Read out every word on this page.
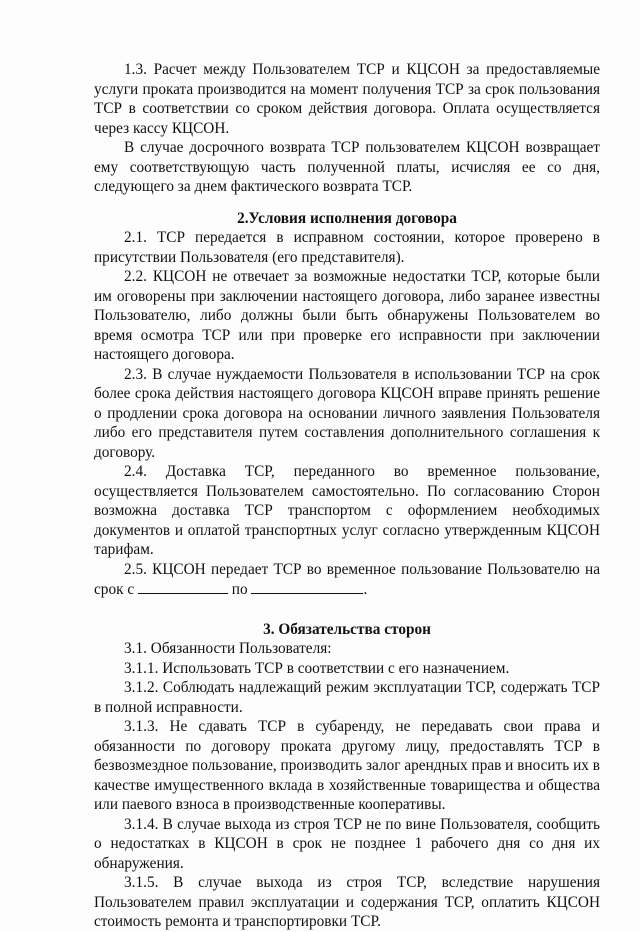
1.3. Расчет между Пользователем ТСР и КЦСОН за предоставляемые услуги проката производится на момент получения ТСР за срок пользования ТСР в соответствии со сроком действия договора. Оплата осуществляется через кассу КЦСОН.

В случае досрочного возврата ТСР пользователем КЦСОН возвращает ему соответствующую часть полученной платы, исчисляя ее со дня, следующего за днем фактического возврата ТСР.

2.Условия исполнения договора

2.1. ТСР передается в исправном состоянии, которое проверено в присутствии Пользователя (его представителя).

2.2. КЦСОН не отвечает за возможные недостатки ТСР, которые были им оговорены при заключении настоящего договора, либо заранее известны Пользователю, либо должны были быть обнаружены Пользователем во время осмотра ТСР или при проверке его исправности при заключении настоящего договора.

2.3. В случае нуждаемости Пользователя в использовании ТСР на срок более срока действия настоящего договора КЦСОН вправе принять решение о продлении срока договора на основании личного заявления Пользователя либо его представителя путем составления дополнительного соглашения к договору.

2.4. Доставка ТСР, переданного во временное пользование, осуществляется Пользователем самостоятельно. По согласованию Сторон возможна доставка ТСР транспортом с оформлением необходимых документов и оплатой транспортных услуг согласно утвержденным КЦСОН тарифам.

2.5. КЦСОН передает ТСР во временное пользование Пользователю на срок с	по	.

3. Обязательства сторон

3.1. Обязанности Пользователя:

3.1.1. Использовать ТСР в соответствии с его назначением.

3.1.2. Соблюдать надлежащий режим эксплуатации ТСР, содержать ТСР в полной исправности.

3.1.3. Не сдавать ТСР в субаренду, не передавать свои права и обязанности по договору проката другому лицу, предоставлять ТСР в безвозмездное пользование, производить залог арендных прав и вносить их в качестве имущественного вклада в хозяйственные товарищества и общества или паевого взноса в производственные кооперативы.

3.1.4. В случае выхода из строя ТСР не по вине Пользователя, сообщить о недостатках в КЦСОН в срок не позднее 1 рабочего дня со дня их обнаружения.

3.1.5. В случае выхода из строя ТСР, вследствие нарушения Пользователем правил эксплуатации и содержания ТСР, оплатить КЦСОН стоимость ремонта и транспортировки ТСР.
